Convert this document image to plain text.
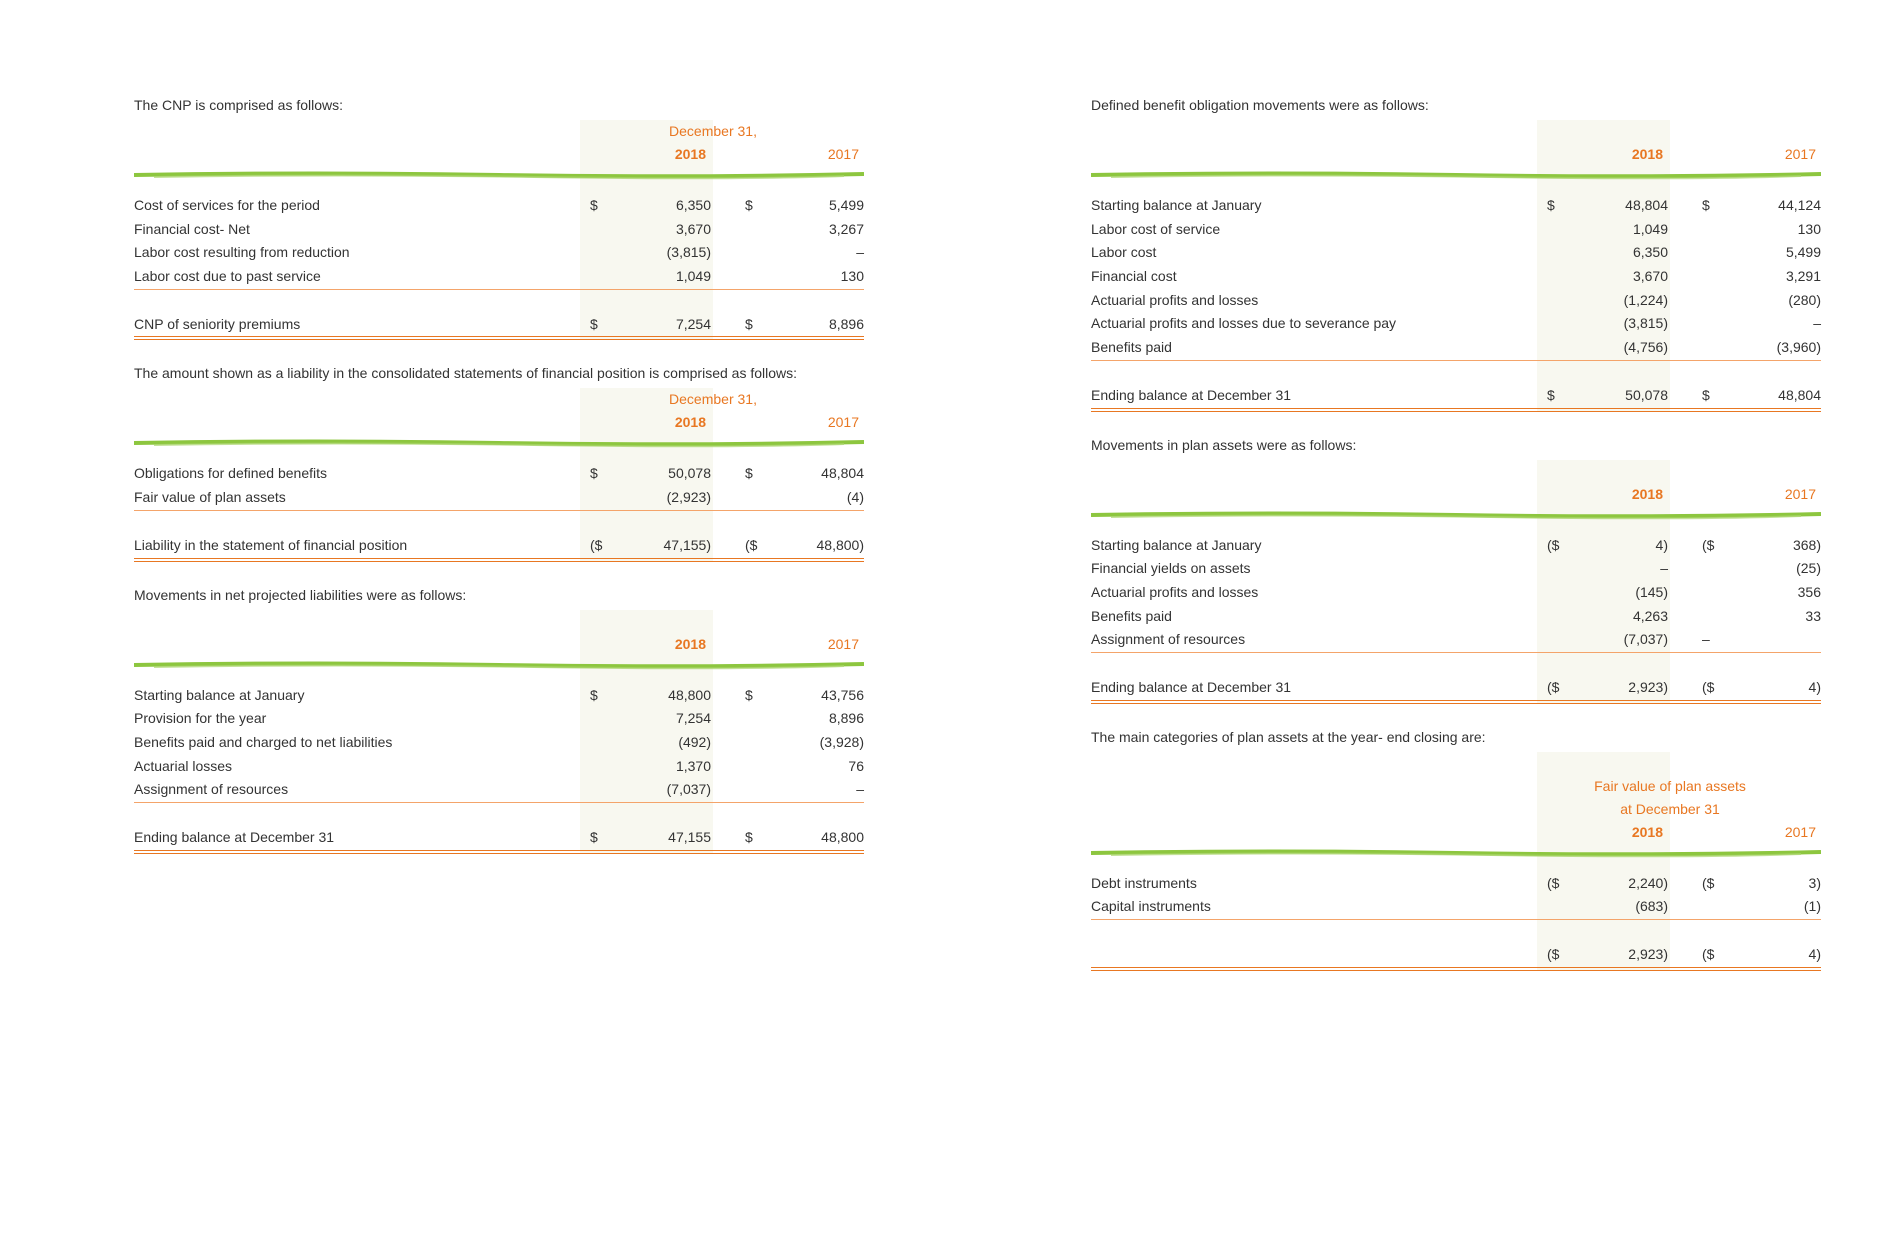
The CNP is comprised as follows:
December 31,
2018	2017
Cost of services for the period	$	6,350 $	5,499
Financial cost- Net	3,670	3,267
Labor cost resulting from reduction	(3,815)	–
Labor cost due to past service	1,049	130
CNP of seniority premiums	$	7,254 $	8,896
The amount shown as a liability in the consolidated statements of financial position is comprised as follows:
December 31,
2018	2017
Obligations for defined benefits	$	50,078 $	48,804
Fair value of plan assets	(2,923)	(4)
Liability in the statement of financial position	($	47,155) ($	48,800)
Movements in net projected liabilities were as follows:
2018	2017
Starting balance at January	$	48,800 $	43,756
Provision for the year	7,254	8,896
Benefits paid and charged to net liabilities	(492)	(3,928)
Actuarial losses	1,370	76
Assignment of resources	(7,037)	–
Ending balance at December 31	$	47,155 $	48,800
Defined benefit obligation movements were as follows:
2018	2017
Starting balance at January	$	48,804 $	44,124
Labor cost of service	1,049	130
Labor cost	6,350	5,499
Financial cost	3,670	3,291
Actuarial profits and losses	(1,224)	(280)
Actuarial profits and losses due to severance pay	(3,815)	–
Benefits paid	(4,756)	(3,960)
Ending balance at December 31	$	50,078 $	48,804
Movements in plan assets were as follows:
2018	2017
Starting balance at January	($	4) ($	368)
Financial yields on assets	–	(25)
Actuarial profits and losses	(145)	356
Benefits paid	4,263	33
Assignment of resources	(7,037) –
Ending balance at December 31	($	2,923) ($	4)
The main categories of plan assets at the year- end closing are:
Fair value of plan assets
at December 31
2018	2017
Debt instruments	($	2,240) ($	3)
Capital instruments	(683)	(1)
($	2,923) ($	4)
